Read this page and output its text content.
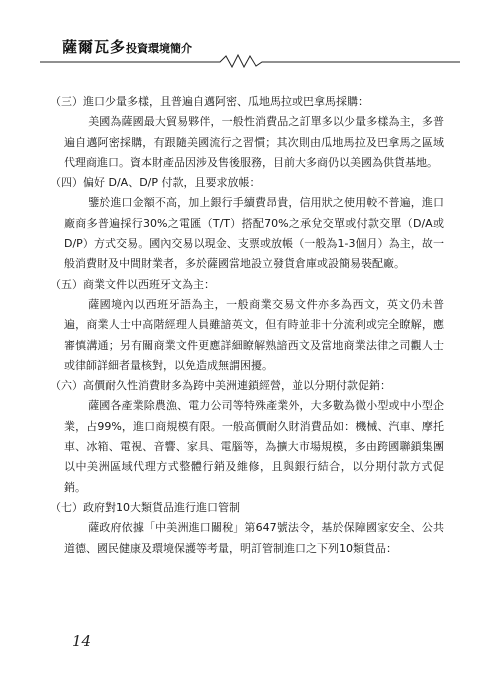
薩爾瓦多投資環境簡介

（三）進口少量多樣，且普遍自邁阿密、瓜地馬拉或巴拿馬採購：

美國為薩國最大貿易夥伴，一般性消費品之訂單多以少量多樣為主，多普遍自邁阿密採購，有跟隨美國流行之習慣；其次則由瓜地馬拉及巴拿馬之區域代理商進口。資本財產品因涉及售後服務，目前大多商仍以美國為供貨基地。

（四）偏好 D/A、D/P 付款，且要求放帳：

鑒於進口金額不高，加上銀行手續費昂貴，信用狀之使用較不普遍，進口廠商多普遍採行30%之電匯（T/T）搭配70%之承兌交單或付款交單（D/A或D/P）方式交易。國內交易以現金、支票或放帳（一般為1-3個月）為主，故一般消費財及中間財業者，多於薩國當地設立發貨倉庫或設簡易裝配廠。

（五）商業文件以西班牙文為主：

薩國境內以西班牙語為主，一般商業交易文件亦多為西文，英文仍未普遍，商業人士中高階經理人員雖諳英文，但有時並非十分流利或完全瞭解，應審慎溝通；另有關商業文件更應詳細瞭解熟諳西文及當地商業法律之司觀人士或律師詳細者量核對，以免造成無謂困擾。

（六）高價耐久性消費財多為跨中美洲連鎖經營，並以分期付款促銷：

薩國各產業除農漁、電力公司等特殊產業外，大多數為微小型或中小型企業，占99%，進口商規模有限。一般高價耐久財消費品如：機械、汽車、摩托車、冰箱、電視、音響、家具、電腦等，為擴大市場規模，多由跨國聯鎖集團以中美洲區域代理方式整體行銷及維修，且與銀行結合，以分期付款方式促銷。

（七）政府對10大類貨品進行進口管制

薩政府依據「中美洲進口關稅」第647號法令，基於保障國家安全、公共道德、國民健康及環境保護等考量，明訂管制進口之下列10類貨品：

14
